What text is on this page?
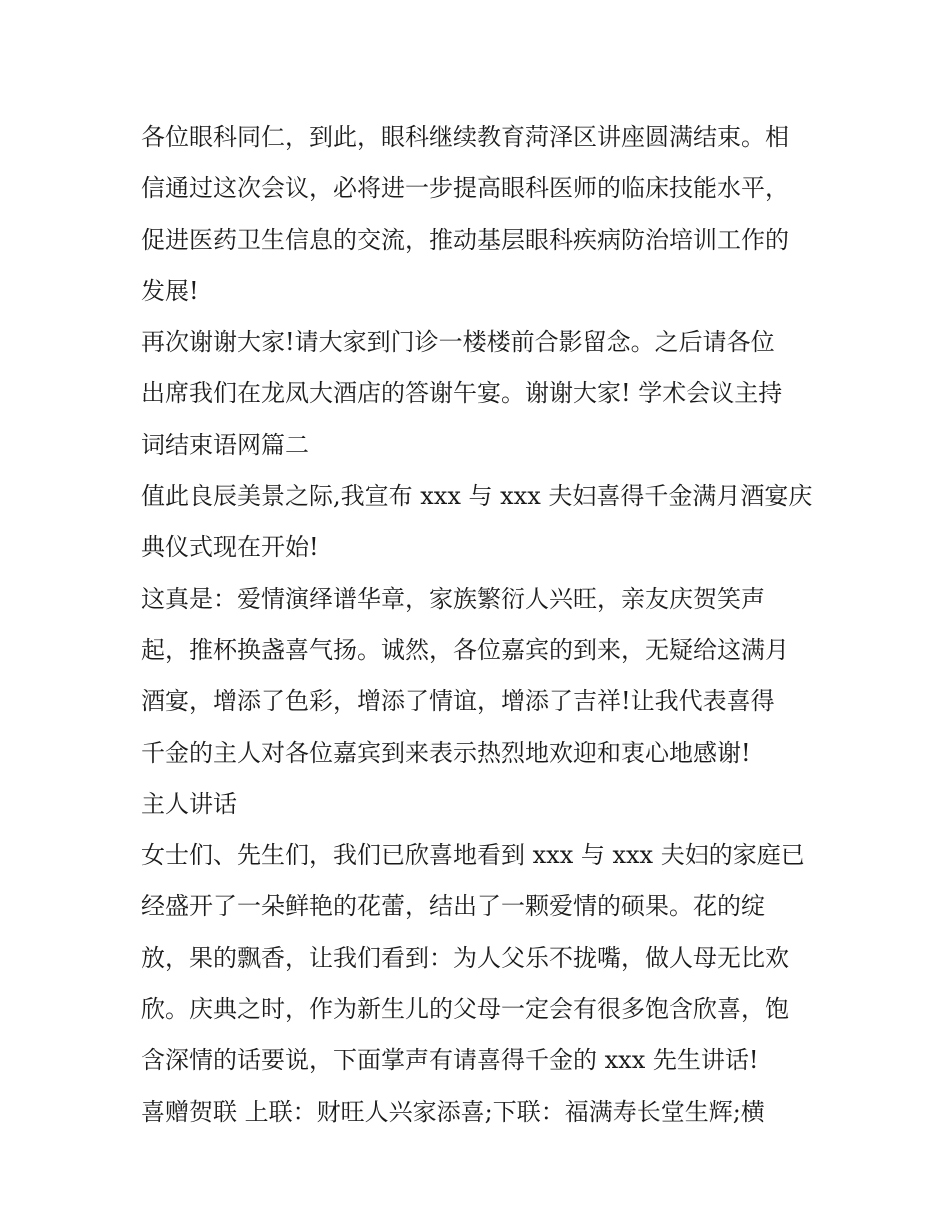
各位眼科同仁，到此，眼科继续教育菏泽区讲座圆满结束。相
信通过这次会议，必将进一步提高眼科医师的临床技能水平，
促进医药卫生信息的交流，推动基层眼科疾病防治培训工作的
发展!
再次谢谢大家!请大家到门诊一楼楼前合影留念。之后请各位
出席我们在龙凤大酒店的答谢午宴。谢谢大家! 学术会议主持
词结束语网篇二
值此良辰美景之际,我宣布 xxx 与 xxx 夫妇喜得千金满月酒宴庆
典仪式现在开始!
这真是：爱情演绎谱华章，家族繁衍人兴旺，亲友庆贺笑声
起，推杯换盏喜气扬。诚然，各位嘉宾的到来，无疑给这满月
酒宴，增添了色彩，增添了情谊，增添了吉祥!让我代表喜得
千金的主人对各位嘉宾到来表示热烈地欢迎和衷心地感谢!
主人讲话
女士们、先生们，我们已欣喜地看到 xxx 与 xxx 夫妇的家庭已
经盛开了一朵鲜艳的花蕾，结出了一颗爱情的硕果。花的绽
放，果的飘香，让我们看到：为人父乐不拢嘴，做人母无比欢
欣。庆典之时，作为新生儿的父母一定会有很多饱含欣喜，饱
含深情的话要说，下面掌声有请喜得千金的 xxx 先生讲话!
喜赠贺联 上联：财旺人兴家添喜;下联：福满寿长堂生辉;横
